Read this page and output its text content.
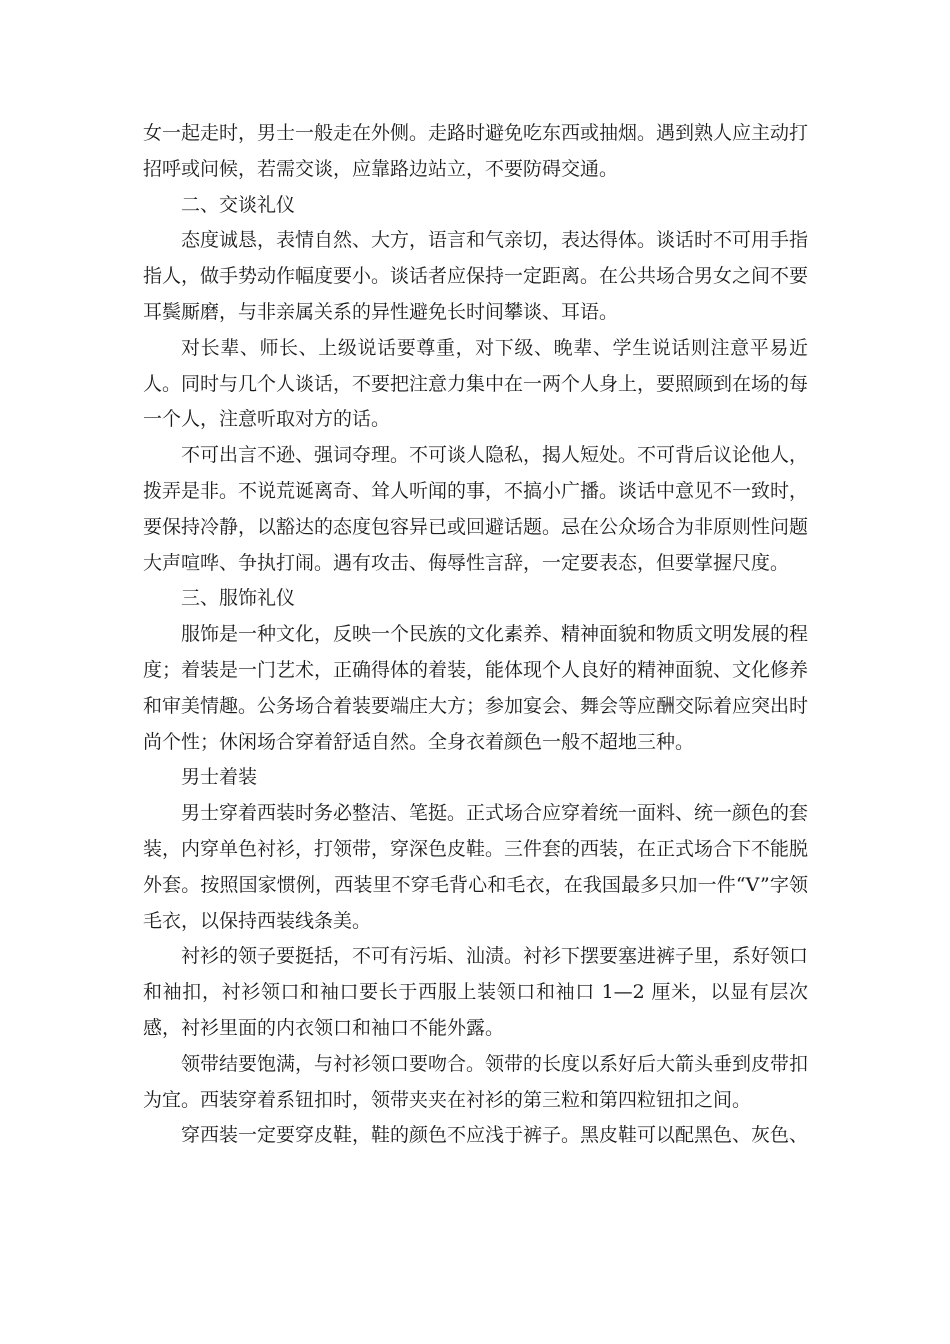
女一起走时，男士一般走在外侧。走路时避免吃东西或抽烟。遇到熟人应主动打招呼或问候，若需交谈，应靠路边站立，不要防碍交通。

二、交谈礼仪

态度诚恳，表情自然、大方，语言和气亲切，表达得体。谈话时不可用手指指人，做手势动作幅度要小。谈话者应保持一定距离。在公共场合男女之间不要耳鬓厮磨，与非亲属关系的异性避免长时间攀谈、耳语。

对长辈、师长、上级说话要尊重，对下级、晚辈、学生说话则注意平易近人。同时与几个人谈话，不要把注意力集中在一两个人身上，要照顾到在场的每一个人，注意听取对方的话。

不可出言不逊、强词夺理。不可谈人隐私，揭人短处。不可背后议论他人，拨弄是非。不说荒诞离奇、耸人听闻的事，不搞小广播。谈话中意见不一致时，要保持冷静，以豁达的态度包容异已或回避话题。忌在公众场合为非原则性问题大声喧哗、争执打闹。遇有攻击、侮辱性言辞，一定要表态，但要掌握尺度。

三、服饰礼仪

服饰是一种文化，反映一个民族的文化素养、精神面貌和物质文明发展的程度；着装是一门艺术，正确得体的着装，能体现个人良好的精神面貌、文化修养和审美情趣。公务场合着装要端庄大方；参加宴会、舞会等应酬交际着应突出时尚个性；休闲场合穿着舒适自然。全身衣着颜色一般不超地三种。

男士着装

男士穿着西装时务必整洁、笔挺。正式场合应穿着统一面料、统一颜色的套装，内穿单色衬衫，打领带，穿深色皮鞋。三件套的西装，在正式场合下不能脱外套。按照国家惯例，西装里不穿毛背心和毛衣，在我国最多只加一件“V”字领毛衣，以保持西装线条美。

衬衫的领子要挺括，不可有污垢、汕渍。衬衫下摆要塞进裤子里，系好领口和袖扣，衬衫领口和袖口要长于西服上装领口和袖口 1—2 厘米，以显有层次感，衬衫里面的内衣领口和袖口不能外露。

领带结要饱满，与衬衫领口要吻合。领带的长度以系好后大箭头垂到皮带扣为宜。西装穿着系钮扣时，领带夹夹在衬衫的第三粒和第四粒钮扣之间。

穿西装一定要穿皮鞋，鞋的颜色不应浅于裤子。黑皮鞋可以配黑色、灰色、
